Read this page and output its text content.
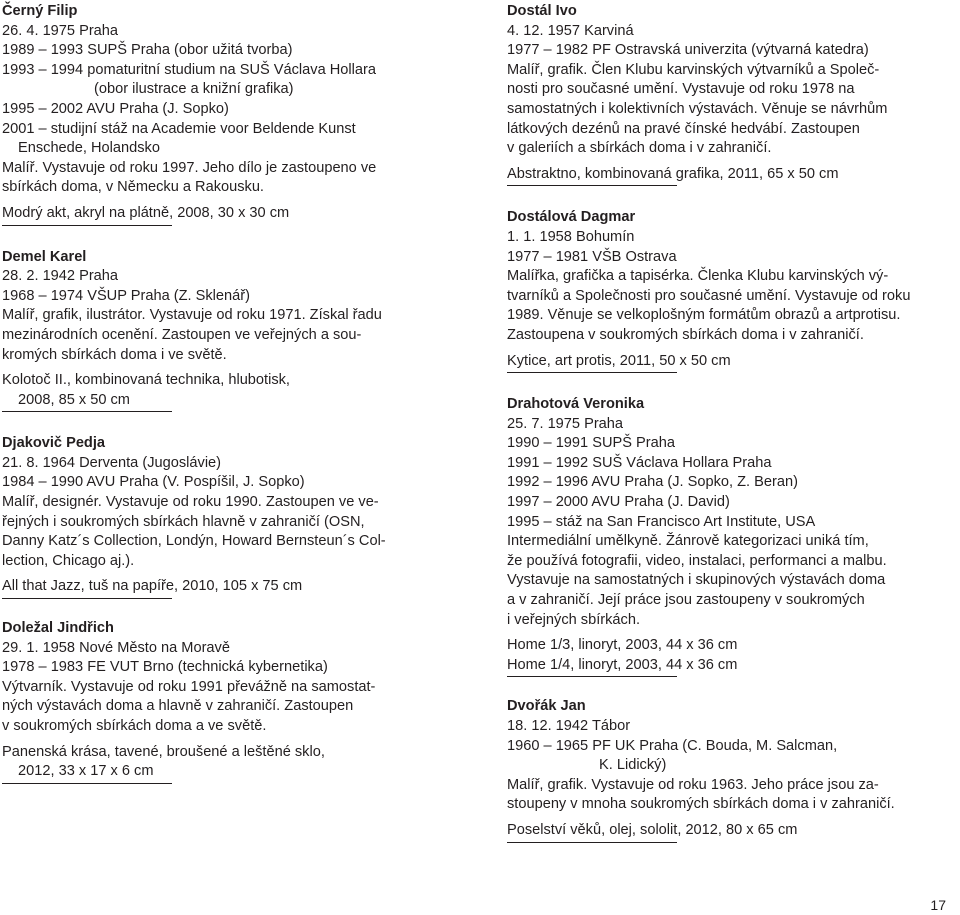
Černý Filip
26. 4. 1975 Praha
1989 – 1993 SUPŠ Praha (obor užitá tvorba)
1993 – 1994 pomaturitní studium na SUŠ Václava Hollara
(obor ilustrace a knižní grafika)
1995 – 2002 AVU Praha (J. Sopko)
2001 – studijní stáž na Academie voor Beldende Kunst
Enschede, Holandsko
Malíř. Vystavuje od roku 1997. Jeho dílo je zastoupeno ve
sbírkách doma, v Německu a Rakousku.
Modrý akt, akryl na plátně, 2008, 30 x 30 cm
Demel Karel
28. 2. 1942 Praha
1968 – 1974 VŠUP Praha (Z. Sklenář)
Malíř, grafik, ilustrátor. Vystavuje od roku 1971. Získal řadu
mezinárodních ocenění. Zastoupen ve veřejných a sou-
kromých sbírkách doma i ve světě.
Kolotoč II., kombinovaná technika, hlubotisk,
2008, 85 x 50 cm
Djakovič Pedja
21. 8. 1964 Derventa (Jugoslávie)
1984 – 1990 AVU Praha (V. Pospíšil, J. Sopko)
Malíř, designér. Vystavuje od roku 1990. Zastoupen ve ve-
řejných i soukromých sbírkách hlavně v zahraničí (OSN,
Danny Katz´s Collection, Londýn, Howard Bernsteun´s Col-
lection, Chicago aj.).
All that Jazz, tuš na papíře, 2010, 105 x 75 cm
Doležal Jindřich
29. 1. 1958 Nové Město na Moravě
1978 – 1983 FE VUT Brno (technická kybernetika)
Výtvarník. Vystavuje od roku 1991 převážně na samostat-
ných výstavách doma a hlavně v zahraničí. Zastoupen
v soukromých sbírkách doma a ve světě.
Panenská krása, tavené, broušené a leštěné sklo,
2012, 33 x 17 x 6 cm
Dostál Ivo
4. 12. 1957 Karviná
1977 – 1982 PF Ostravská univerzita (výtvarná katedra)
Malíř, grafik. Člen Klubu karvinských výtvarníků a Společ-
nosti pro současné umění. Vystavuje od roku 1978 na
samostatných i kolektivních výstavách. Věnuje se návrhům
látkových dezénů na pravé čínské hedvábí. Zastoupen
v galeriích a sbírkách doma i v zahraničí.
Abstraktno, kombinovaná grafika, 2011, 65 x 50 cm
Dostálová Dagmar
1. 1. 1958 Bohumín
1977 – 1981 VŠB Ostrava
Malířka, grafička a tapisérka. Členka Klubu karvinských vý-
tvarníků a Společnosti pro současné umění. Vystavuje od roku
1989. Věnuje se velkoplošným formátům obrazů a artprotisu.
Zastoupena v soukromých sbírkách doma i v zahraničí.
Kytice, art protis, 2011, 50 x 50 cm
Drahotová Veronika
25. 7. 1975 Praha
1990 – 1991 SUPŠ Praha
1991 – 1992 SUŠ Václava Hollara Praha
1992 – 1996 AVU Praha (J. Sopko, Z. Beran)
1997 – 2000 AVU Praha (J. David)
1995 – stáž na San Francisco Art Institute, USA
Intermediální umělkyně. Žánrově kategorizaci uniká tím,
že používá fotografii, video, instalaci, performanci a malbu.
Vystavuje na samostatných i skupinových výstavách doma
a v zahraničí. Její práce jsou zastoupeny v soukromých
i veřejných sbírkách.
Home 1/3, linoryt, 2003, 44 x 36 cm
Home 1/4, linoryt, 2003, 44 x 36 cm
Dvořák Jan
18. 12. 1942 Tábor
1960 – 1965 PF UK Praha (C. Bouda, M. Salcman,
K. Lidický)
Malíř, grafik. Vystavuje od roku 1963. Jeho práce jsou za-
stoupeny v mnoha soukromých sbírkách doma i v zahraničí.
Poselství věků, olej, sololit, 2012, 80 x 65 cm
17
